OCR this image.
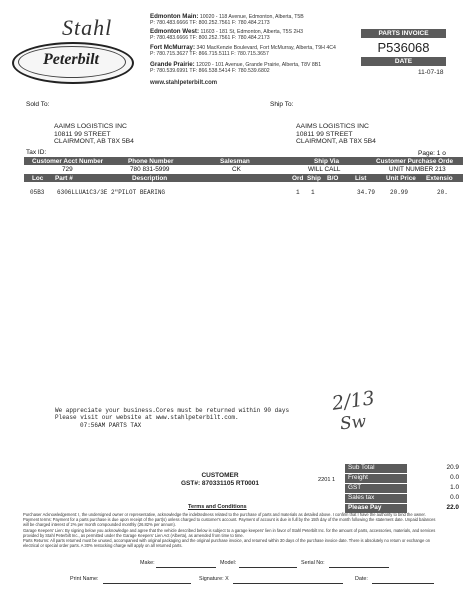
Stahl
Peterbilt
Edmonton Main: 10020 - 118 Avenue, Edmonton, Alberta, T5B
P: 780.483.6666 TF: 800.252.7561 F: 780.484.2173
Edmonton West: 11603 - 181 St, Edmonton, Alberta, T5S 2H3
P: 780.483.6666 TF: 800.252.7561 F: 780.484.2173
Fort McMurray: 340 MacKenzie Boulevard, Fort McMurray, Alberta, T9H 4C4
P: 780.715.3627 TF: 866.715.5111 F: 780.715.3657
Grande Prairie: 12020 - 101 Avenue, Grande Prairie, Alberta, T8V 8B1
P: 780.539.6991 TF: 866.538.5414 F: 780.539.6802
www.stahlpeterbilt.com
PARTS INVOICE
P536068
DATE
11-07-18
Sold To:	Ship To:
AAIMS LOGISTICS INC
10811 99 STREET
CLAIRMONT, AB T8X 5B4
AAIMS LOGISTICS INC
10811 99 STREET
CLAIRMONT, AB T8X 5B4
Tax ID:	Page: 1 o
Customer Acct Number	Phone Number	Salesman	Ship Via	Customer Purchase Orde
729	780 831-5999	CK	WILL CALL	UNIT NUMBER 213
Loc Part #	Description	Ord Ship B/O	List	Unit Price Extensio
05B3 6306LLUA1C3/3E 2"PILOT BEARING	1 1	34.79 20.99	20.
We appreciate your business.Cores must be returned within 90 days
Please visit our website at www.stahlpeterbilt.com.
07:56AM PARTS TAX
2/13
Sw
CUSTOMER
GST#: 870331105 RT0001	2201 1
Sub Total	20.9
Freight	0.0
GST	1.0
Sales tax	0.0
Please Pay	22.0
Terms and Conditions
Purchaser Acknowledgement: I, the undersigned owner or representative, acknowledge the indebtedness related to the purchase of parts and materials as detailed above. I confirm that I have the authority to bind the owner.
Payment terms: Payment for a parts purchase is due upon receipt of the part(s) unless charged to customer's account. Payment of account is due in full by the 15th day of the month following the statement date. Unpaid balances
will be charged interest of 2% per month compounded monthly (26.82% per annum).
Garage Keepers' Lien: By signing below you acknowledge and agree that the vehicle described below is subject to a garage keepers' lien in favor of Stahl Peterbilt Inc. for the amount of parts, accessories, materials, and services
provided by Stahl Peterbilt Inc., as permitted under the Garage Keepers' Lien Act (Alberta), as amended from time to time.
Parts Returns: All parts returned must be unused, accompanied with original packaging and the original purchase invoice, and returned within 30 days of the purchase invoice date. There is absolutely no return or exchange on
electrical or special order parts. A 30% restocking charge will apply on all returned parts.
Make:	Model:	Serial No:
Print Name:	Signature: X	Date:
